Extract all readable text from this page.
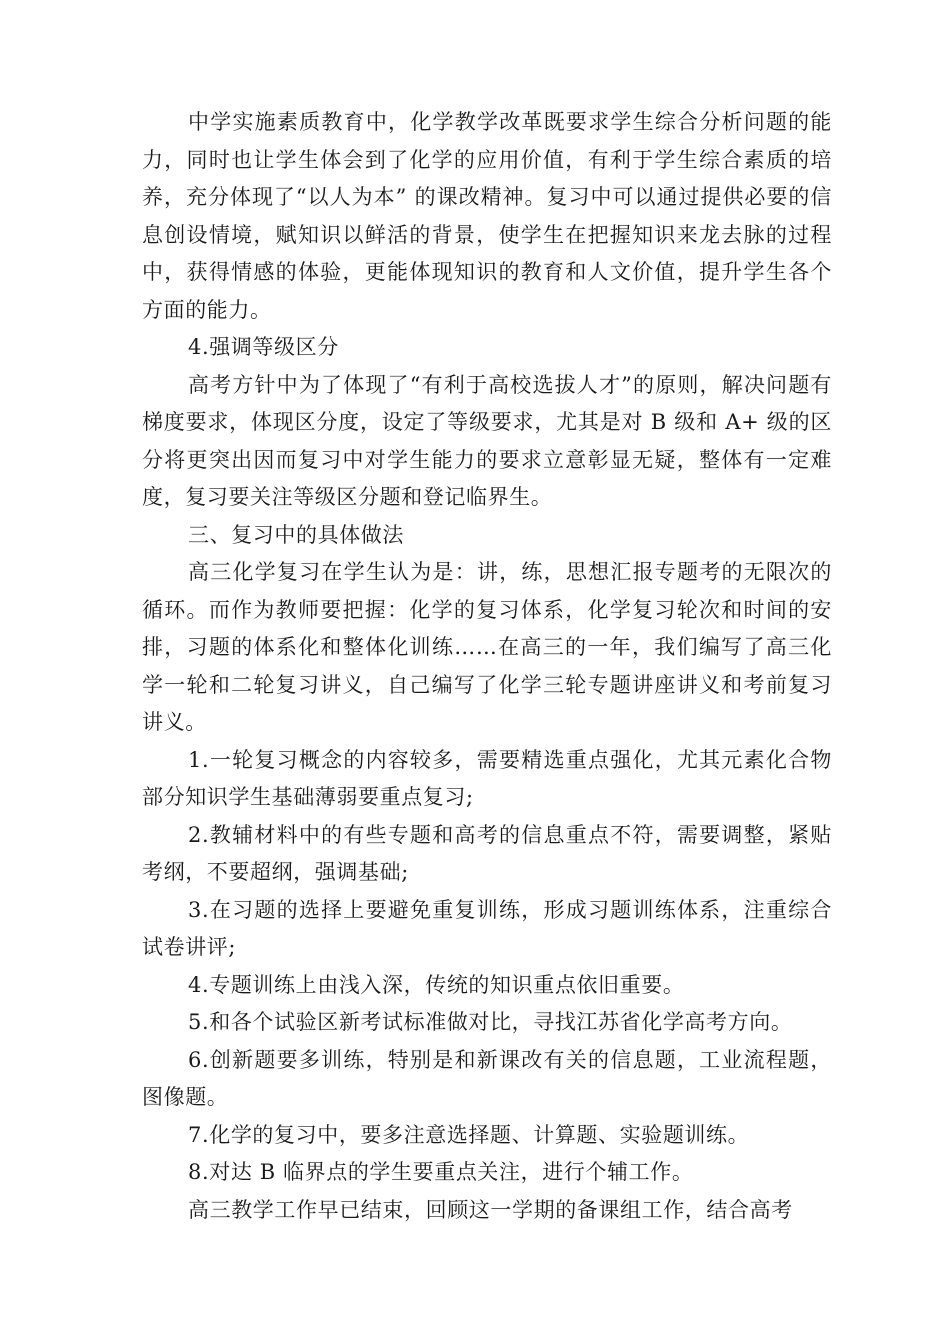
中学实施素质教育中，化学教学改革既要求学生综合分析问题的能力，同时也让学生体会到了化学的应用价值，有利于学生综合素质的培养，充分体现了“以人为本” 的课改精神。复习中可以通过提供必要的信息创设情境，赋知识以鲜活的背景，使学生在把握知识来龙去脉的过程中，获得情感的体验，更能体现知识的教育和人文价值，提升学生各个方面的能力。

4.强调等级区分

高考方针中为了体现了“有利于高校选拔人才”的原则，解决问题有梯度要求，体现区分度，设定了等级要求，尤其是对 B 级和 A+ 级的区分将更突出因而复习中对学生能力的要求立意彰显无疑，整体有一定难度，复习要关注等级区分题和登记临界生。

三、复习中的具体做法

高三化学复习在学生认为是：讲，练，思想汇报专题考的无限次的循环。而作为教师要把握：化学的复习体系，化学复习轮次和时间的安排，习题的体系化和整体化训练……在高三的一年，我们编写了高三化学一轮和二轮复习讲义，自己编写了化学三轮专题讲座讲义和考前复习讲义。

1.一轮复习概念的内容较多，需要精选重点强化，尤其元素化合物部分知识学生基础薄弱要重点复习;

2.教辅材料中的有些专题和高考的信息重点不符，需要调整，紧贴考纲，不要超纲，强调基础;

3.在习题的选择上要避免重复训练，形成习题训练体系，注重综合试卷讲评;

4.专题训练上由浅入深，传统的知识重点依旧重要。

5.和各个试验区新考试标准做对比，寻找江苏省化学高考方向。

6.创新题要多训练，特别是和新课改有关的信息题，工业流程题，图像题。

7.化学的复习中，要多注意选择题、计算题、实验题训练。

8.对达 B 临界点的学生要重点关注，进行个辅工作。

高三教学工作早已结束，回顾这一学期的备课组工作，结合高考
